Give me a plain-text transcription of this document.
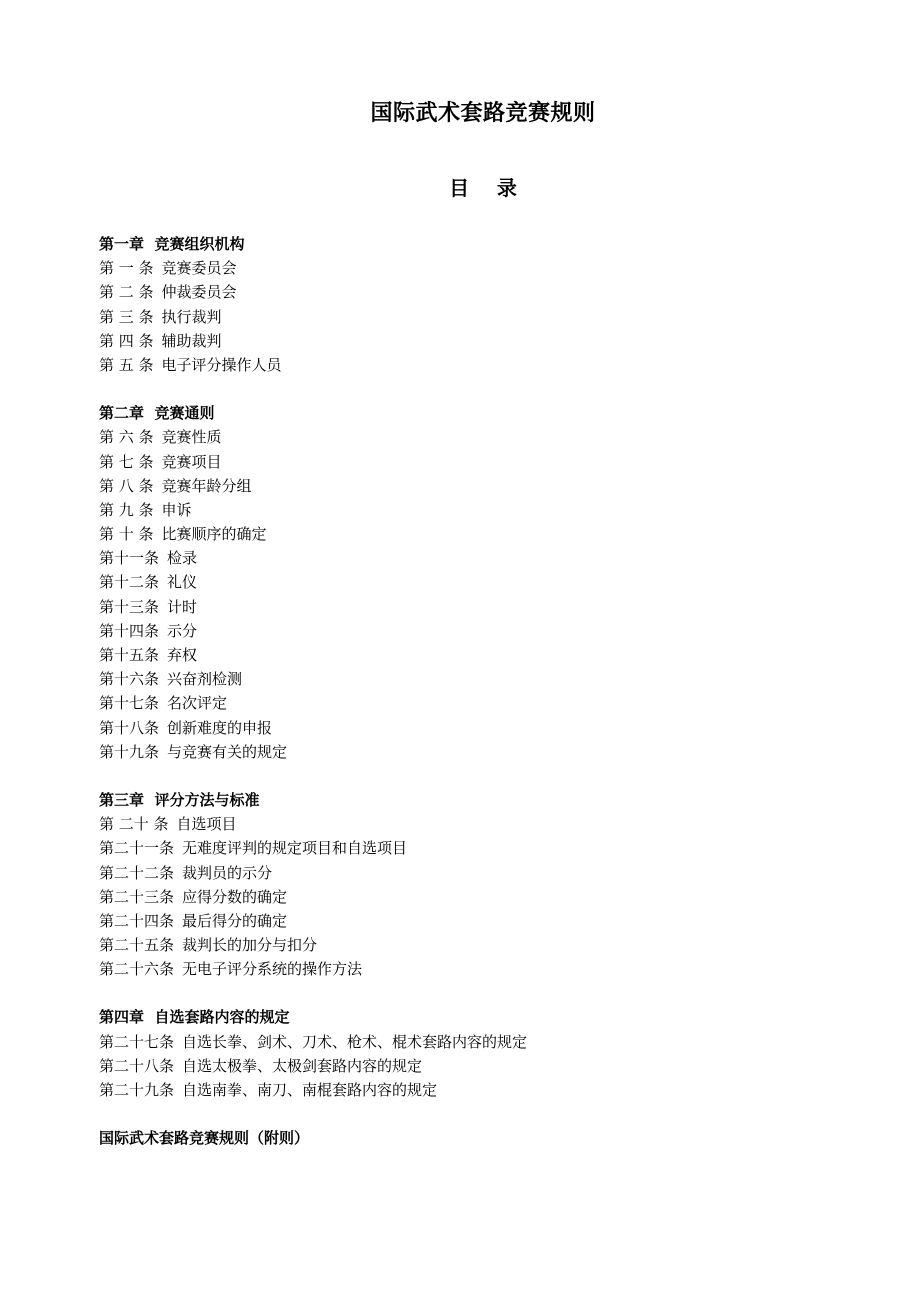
国际武术套路竞赛规则
目    录
第一章  竞赛组织机构
第 一 条 竞赛委员会
第 二 条 仲裁委员会
第 三 条 执行裁判
第 四 条 辅助裁判
第 五 条 电子评分操作人员
第二章  竞赛通则
第 六 条 竞赛性质
第 七 条 竞赛项目
第 八 条 竞赛年龄分组
第 九 条 申诉
第 十 条 比赛顺序的确定
第十一条 检录
第十二条 礼仪
第十三条 计时
第十四条 示分
第十五条 弃权
第十六条 兴奋剂检测
第十七条 名次评定
第十八条 创新难度的申报
第十九条 与竞赛有关的规定
第三章  评分方法与标准
第 二十 条 自选项目
第二十一条 无难度评判的规定项目和自选项目
第二十二条 裁判员的示分
第二十三条 应得分数的确定
第二十四条 最后得分的确定
第二十五条 裁判长的加分与扣分
第二十六条 无电子评分系统的操作方法
第四章  自选套路内容的规定
第二十七条 自选长拳、剑术、刀术、枪术、棍术套路内容的规定
第二十八条 自选太极拳、太极剑套路内容的规定
第二十九条 自选南拳、南刀、南棍套路内容的规定
国际武术套路竞赛规则（附则）
